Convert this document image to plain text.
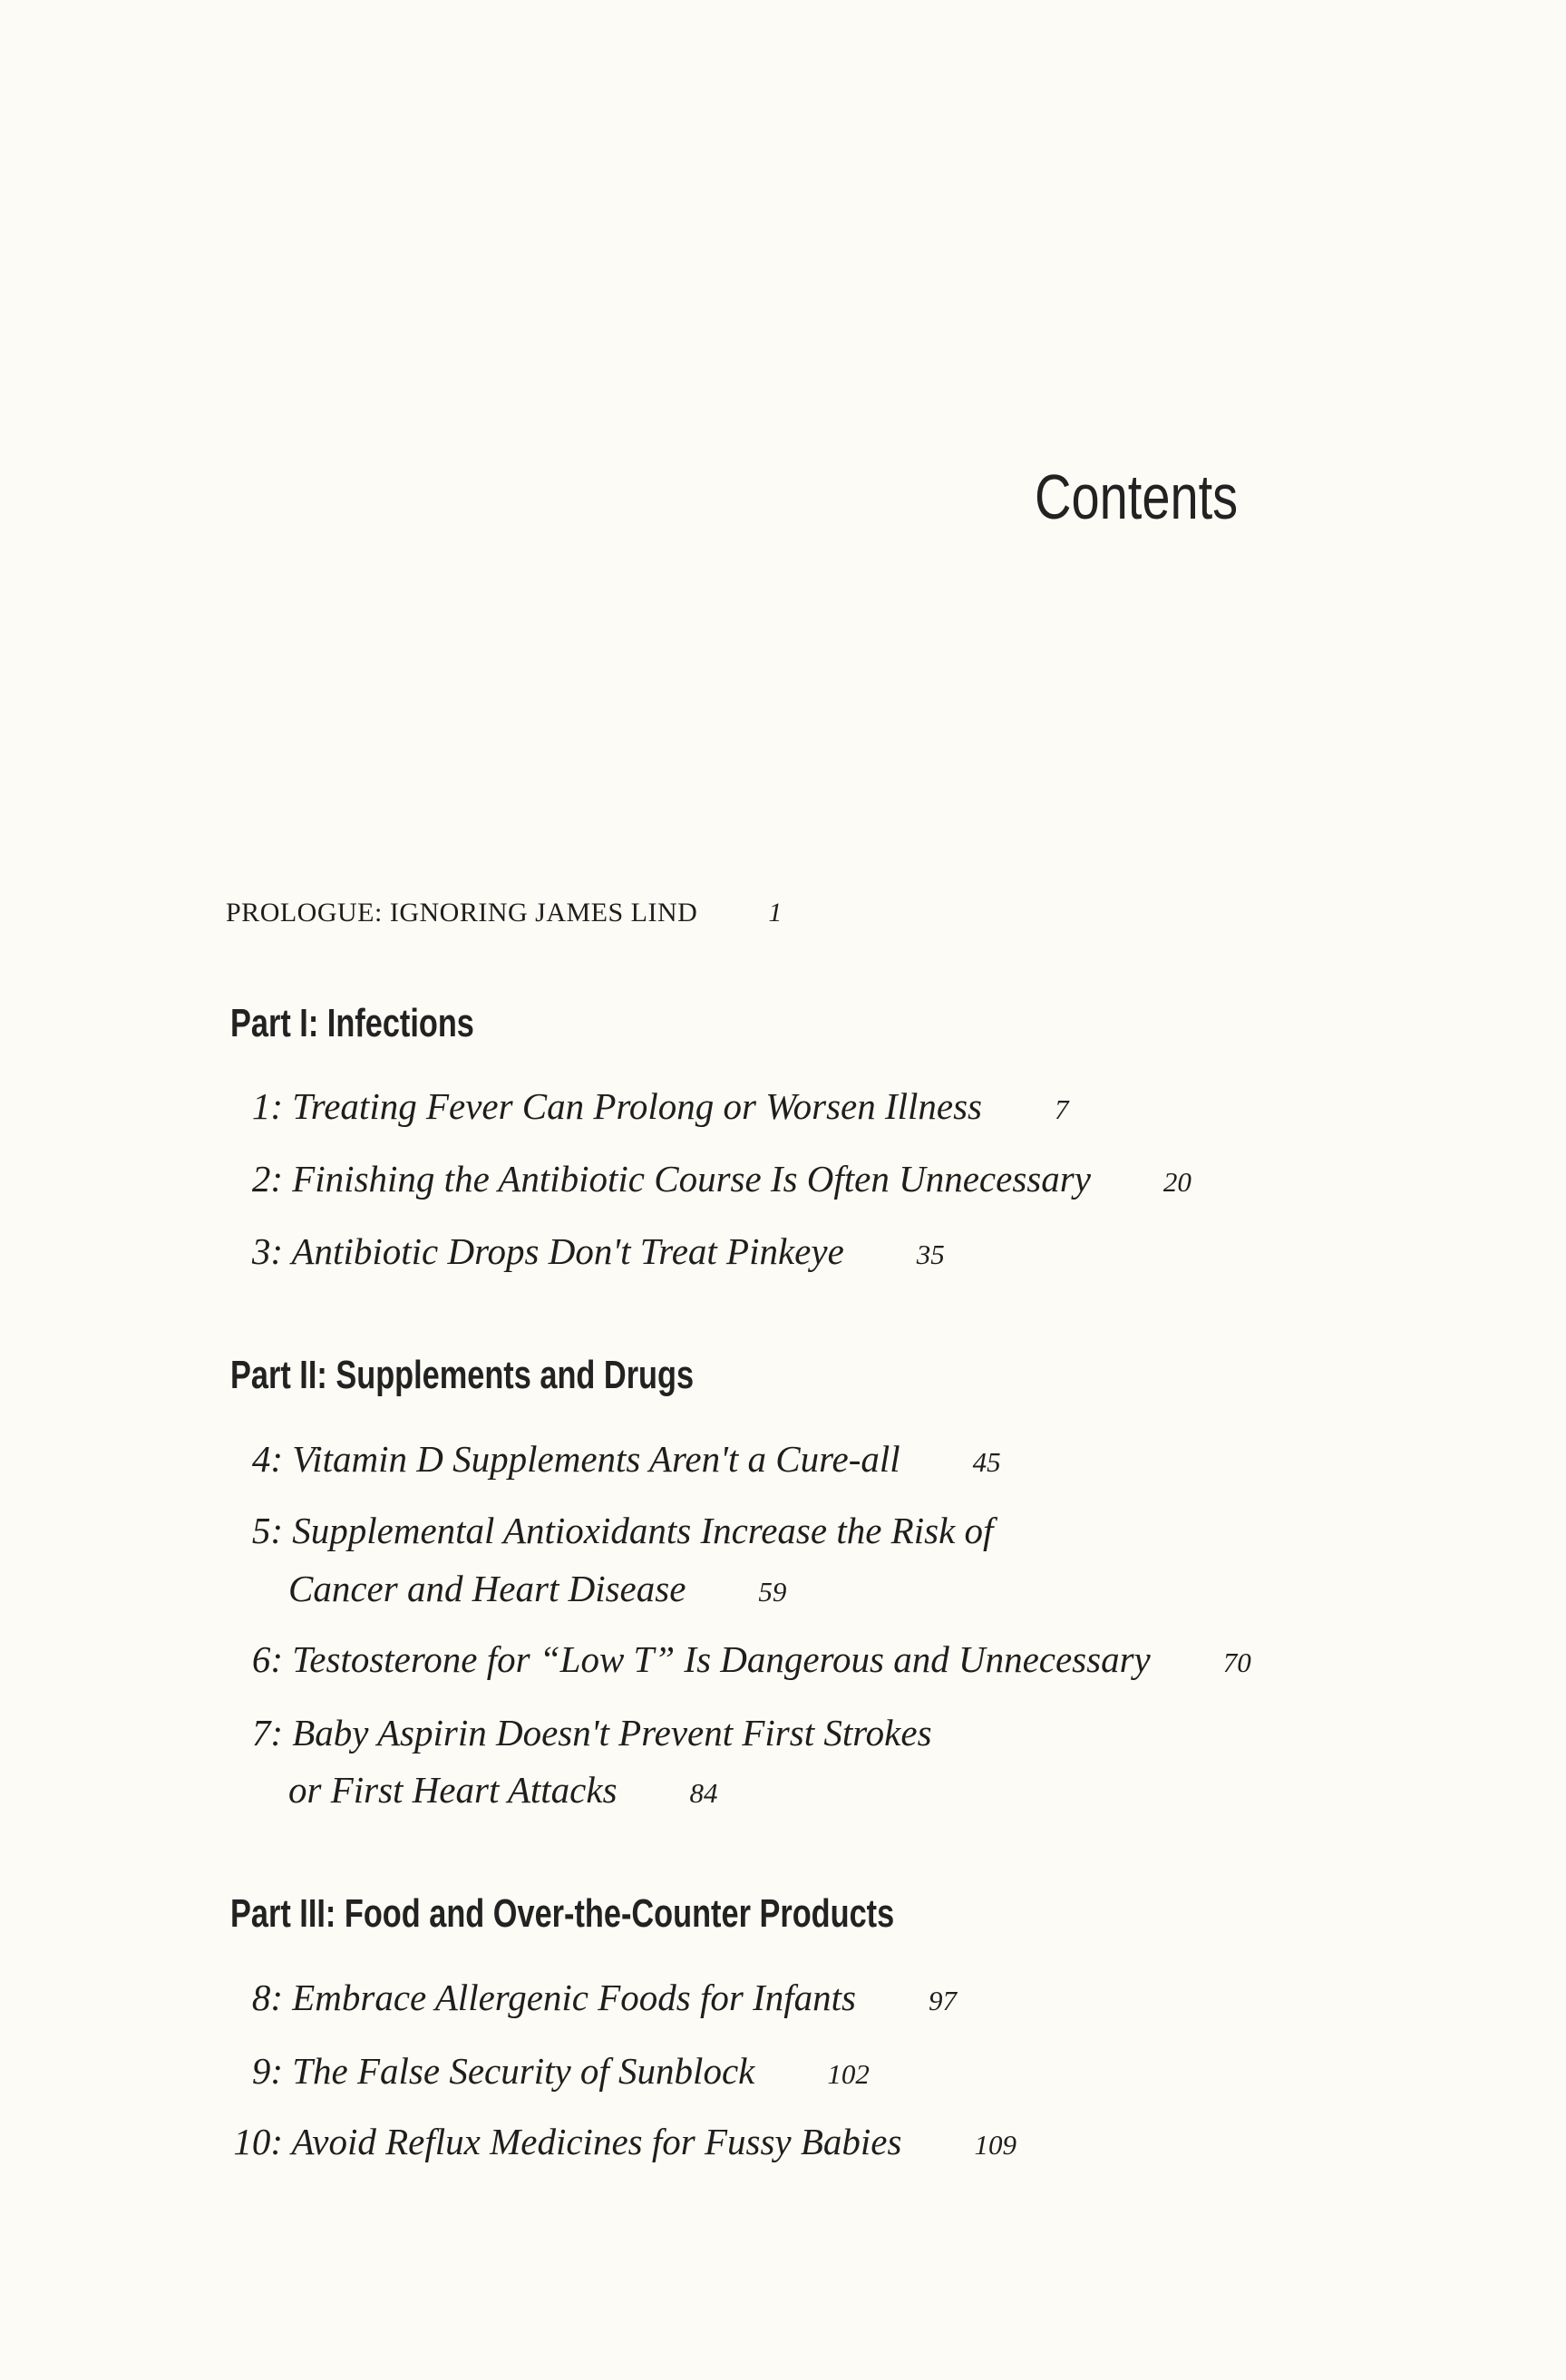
Contents
PROLOGUE: IGNORING JAMES LIND	1
Part I: Infections
1: Treating Fever Can Prolong or Worsen Illness	7
2: Finishing the Antibiotic Course Is Often Unnecessary	20
3: Antibiotic Drops Don't Treat Pinkeye	35
Part II: Supplements and Drugs
4: Vitamin D Supplements Aren't a Cure-all	45
5: Supplemental Antioxidants Increase the Risk of
Cancer and Heart Disease	59
6: Testosterone for “Low T” Is Dangerous and Unnecessary	70
7: Baby Aspirin Doesn't Prevent First Strokes
or First Heart Attacks	84
Part III: Food and Over-the-Counter Products
8: Embrace Allergenic Foods for Infants	97
9: The False Security of Sunblock	102
10: Avoid Reflux Medicines for Fussy Babies	109
